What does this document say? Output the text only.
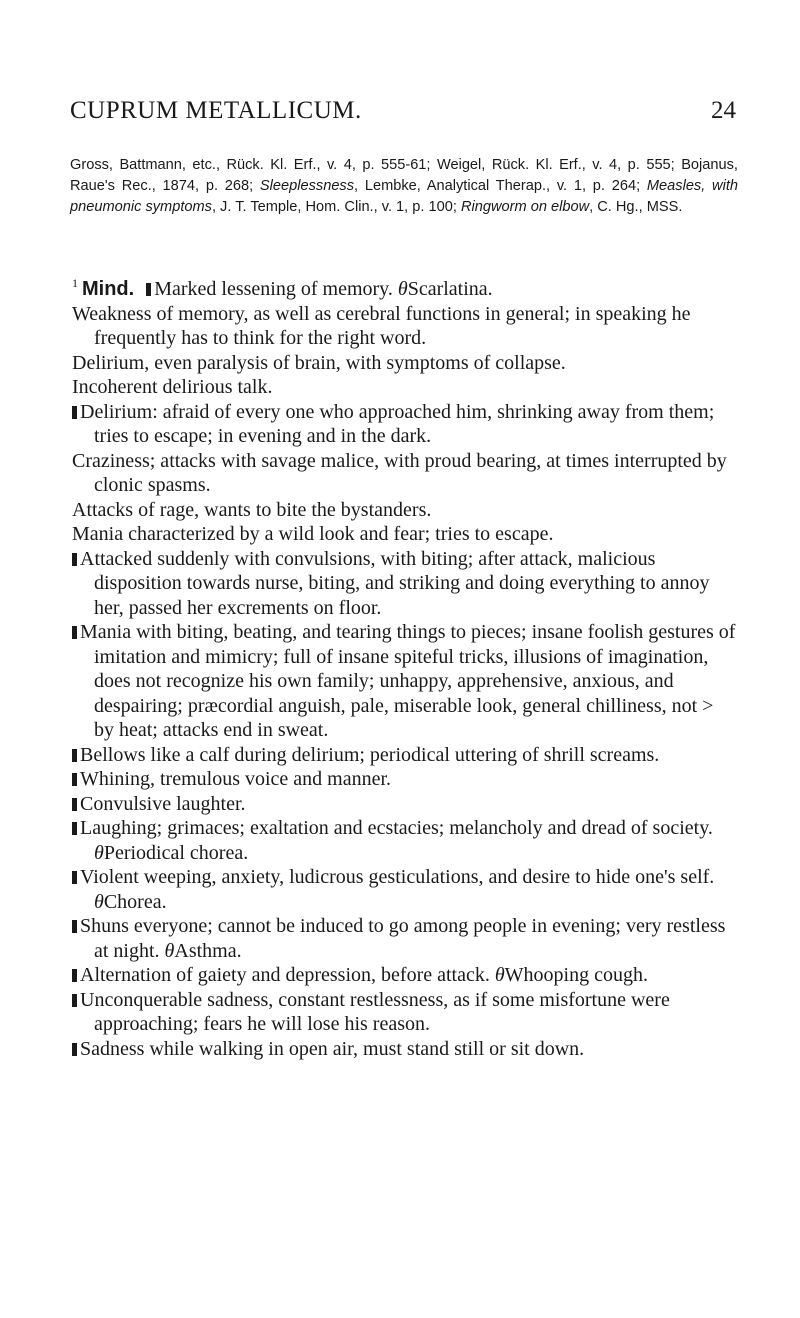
CUPRUM METALLICUM.	24
Gross, Battmann, etc., Rück. Kl. Erf., v. 4, p. 555-61; Weigel, Rück. Kl. Erf., v. 4, p. 555; Bojanus, Raue's Rec., 1874, p. 268; Sleeplessness, Lembke, Analytical Therap., v. 1, p. 264; Measles, with pneumonic symptoms, J. T. Temple, Hom. Clin., v. 1, p. 100; Ringworm on elbow, C. Hg., MSS.

$^1$ Mind. Marked lessening of memory. θScarlatina.

Weakness of memory, as well as cerebral functions in general; in speaking he frequently has to think for the right word.

Delirium, even paralysis of brain, with symptoms of collapse.

Incoherent delirious talk.

Delirium: afraid of every one who approached him, shrinking away from them; tries to escape; in evening and in the dark.

Craziness; attacks with savage malice, with proud bearing, at times interrupted by clonic spasms.

Attacks of rage, wants to bite the bystanders.

Mania characterized by a wild look and fear; tries to escape.

Attacked suddenly with convulsions, with biting; after attack, malicious disposition towards nurse, biting, and striking and doing everything to annoy her, passed her excrements on floor.

Mania with biting, beating, and tearing things to pieces; insane foolish gestures of imitation and mimicry; full of insane spiteful tricks, illusions of imagination, does not recognize his own family; unhappy, apprehensive, anxious, and despairing; præcordial anguish, pale, miserable look, general chilliness, not > by heat; attacks end in sweat.

Bellows like a calf during delirium; periodical uttering of shrill screams.

Whining, tremulous voice and manner.

Convulsive laughter.

Laughing; grimaces; exaltation and ecstacies; melancholy and dread of society. θPeriodical chorea.

Violent weeping, anxiety, ludicrous gesticulations, and desire to hide one's self. θChorea.

Shuns everyone; cannot be induced to go among people in evening; very restless at night. θAsthma.

Alternation of gaiety and depression, before attack. θWhooping cough.

Unconquerable sadness, constant restlessness, as if some misfortune were approaching; fears he will lose his reason.

Sadness while walking in open air, must stand still or sit down.
